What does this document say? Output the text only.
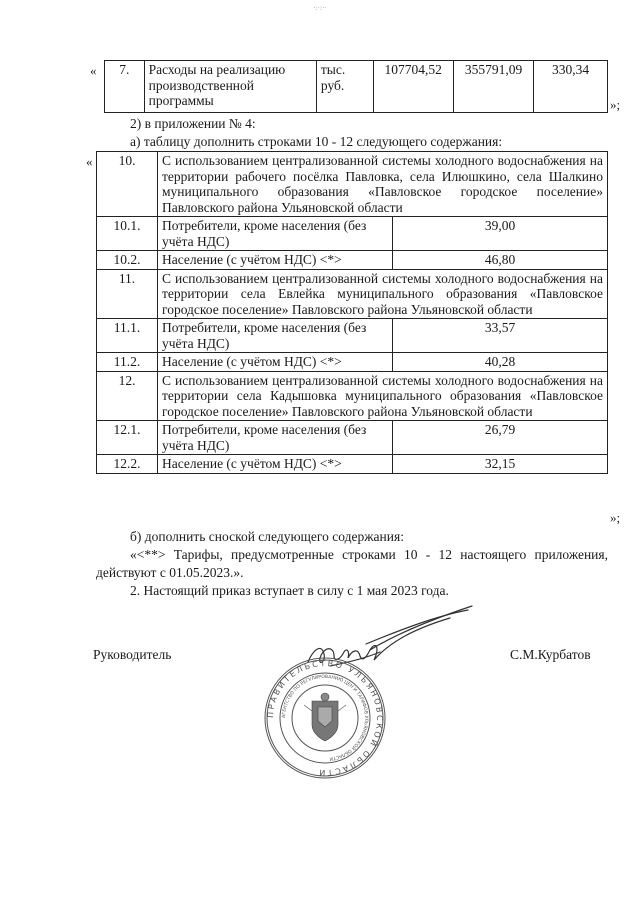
·:·:··
« 7.	Расходы на реализацию производственной программы	тыс. руб.	107704,52	355791,09	330,34
»;
2) в приложении № 4:
а) таблицу дополнить строками 10 - 12 следующего содержания:
« 10.	С использованием централизованной системы холодного водоснабжения на территории рабочего посёлка Павловка, села Илюшкино, села Шалкино муниципального образования «Павловское городское поселение» Павловского района Ульяновской области	
10.1.	Потребители, кроме населения (без учёта НДС)	39,00
10.2.	Население (с учётом НДС) <*>	46,80
11.	С использованием централизованной системы холодного водоснабжения на территории села Евлейка муниципального образования «Павловское городское поселение» Павловского района Ульяновской области	
11.1.	Потребители, кроме населения (без учёта НДС)	33,57
11.2.	Население (с учётом НДС) <*>	40,28
12.	С использованием централизованной системы холодного водоснабжения на территории села Кадышовка муниципального образования «Павловское городское поселение» Павловского района Ульяновской области	
12.1.	Потребители, кроме населения (без учёта НДС)	26,79
12.2.	Население (с учётом НДС) <*>	32,15
»;
б) дополнить сноской следующего содержания:
«<**> Тарифы, предусмотренные строками 10 - 12 настоящего приложения, действуют с 01.05.2023.».
2. Настоящий приказ вступает в силу с 1 мая 2023 года.
Руководитель	С.М.Курбатов
ПРАВИТЕЛЬСТВО УЛЬЯНОВСКОЙ ОБЛАСТИ
АГЕНТСТВО ПО РЕГУЛИРОВАНИЮ ЦЕН И ТАРИФОВ УЛЬЯНОВСКОЙ ОБЛАСТИ
